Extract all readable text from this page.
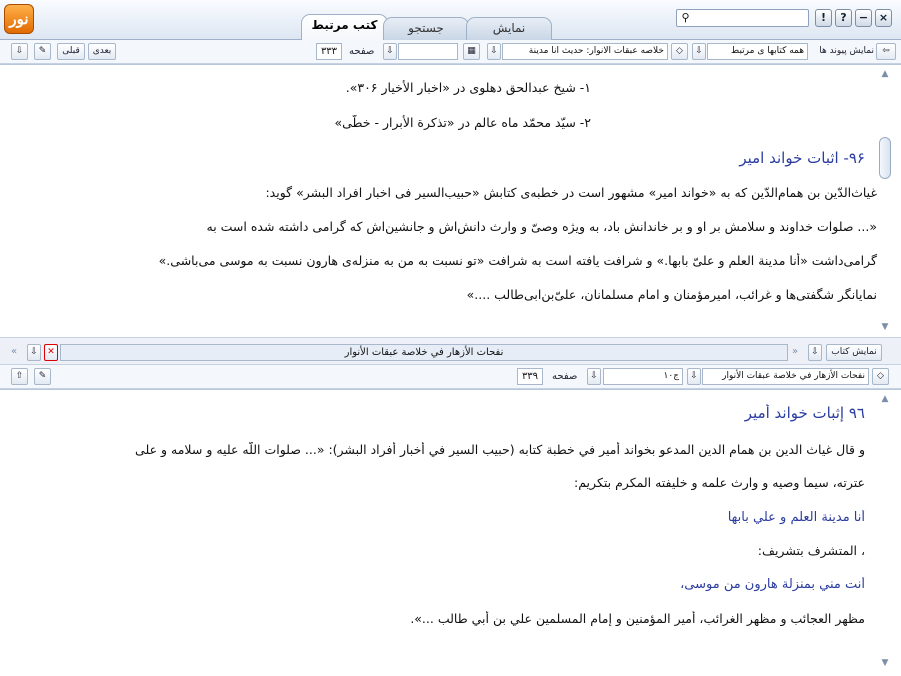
نور	کتب مرتبط	جستجو	نمایش
⚲	!	?	− ×
⇩	✎	قبلی	بعدی	۳۳۳	صفحه	⇩	▦	⇩	خلاصه عبقات الانوار: حدیث انا مدینة	◇	⇩	همه کتابها ی مرتبط	نمایش پیوند ها ⇦
۱- شیخ عبدالحق دهلوی در «اخبار الأخیار ۳۰۶».
۲- سیّد محمّد ماه عالم در «تذکرة الأبرار - خطّی»
۹۶- اثبات خواند امیر
غیاث‌الدّین بن همام‌الدّین که به «خواند امیر» مشهور است در خطبه‌ی کتابش «حبیب‌السیر فی اخبار افراد البشر» گوید:
«... صلوات خداوند و سلامش بر او و بر خاندانش باد، به ویژه وصیّ و وارث دانش‌اش و جانشین‌اش که گرامی‌ داشته شده است به
گرامی‌داشت «أنا مدینة العلم و علیّ بابها.» و شرافت یافته است به شرافت «تو نسبت به من به منزله‌ی هارون نسبت به موسی می‌باشی.»
نمایانگر شگفتی‌ها و غرائب، امیرمؤمنان و امام مسلمانان، علیّ‌بن‌ابی‌طالب ....»
▲
▼
«	⇩	✕	نفحات الأزهار في خلاصة عبقات الأنوار	»	⇩	نمایش کتاب
⇧	✎	۳۳۹	صفحه	⇩	ج۱۰	⇩	نفحات الأزهار في خلاصة عبقات الأنوار	◇
٩٦ إثبات خواند أمير
و قال غياث الدين بن همام الدين المدعو بخواند أمير في خطبة كتابه (حبيب السير في أخبار أفراد البشر): «... صلوات اللّه عليه و سلامه و على
عترته، سيما وصيه و وارث علمه و خليفته المكرم بتكريم:
أنا مدينة العلم و علي بابها
، المتشرف بتشريف:
أنت مني بمنزلة هارون من موسى،
مظهر العجائب و مظهر الغرائب، أمير المؤمنين و إمام المسلمين علي بن أبي طالب ...».
▲
▼
